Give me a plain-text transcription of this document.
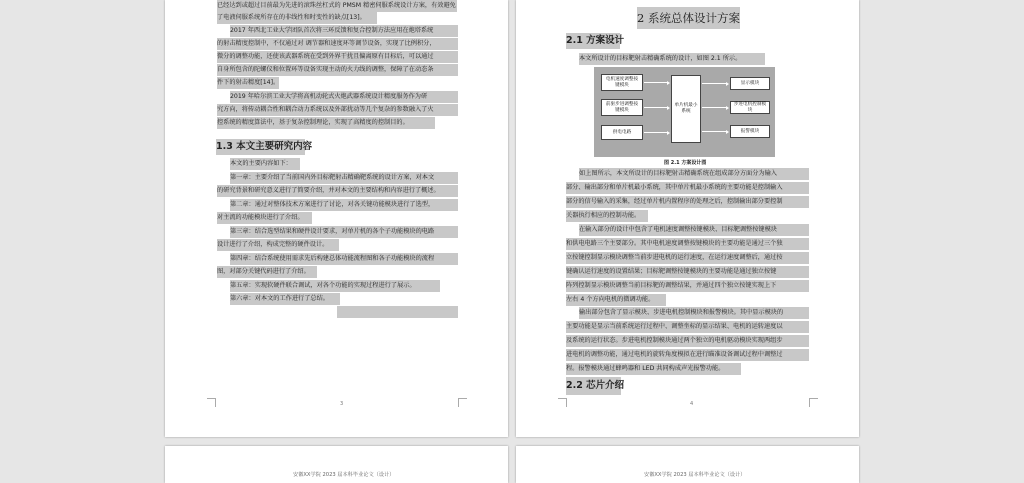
安徽XX学院 2023 届本科毕业论文（设计）	安徽XX学院 2023 届本科毕业论文（设计）
已经达到或超过目前最为先进的滚珠丝杠式的 PMSM 精密伺服系统设计方案，有效避免
了电液伺服系统所存在的非线性和时变性的缺点[13]。
2017 年西北工业大学团队首次将三环反馈和复合控制方法应用在炮塔系统
的射击精度控制中，不仅通过对 调节器和速度环等调节设备，实现了比例积分，
微分的调整功能，还使该武器系统在受到外界干扰且偏离原有目标后，可以通过
自身所包含的陀螺仪和位置环等设备实现主动的火力线的调整，保障了在动态条
件下的射击精度[14]。
2019 年哈尔滨工业大学将高机动轮式火炮武器系统设计精度服务作为研
究方向，将传动耦合性和耦合动力系统以及外部扰动等几个复杂的参数融入了火
控系统的精度算法中，基于复杂控制理论，实现了高精度的控制目的。
本文的主要内容如下：
第一章：主要介绍了当前国内外目标靶射击精确靶系统的设计方案，对本文
的研究背景和研究意义进行了简要介绍，并对本文的主要结构和内容进行了概述。
第二章：通过对整体技术方案进行了讨论，对各关键功能模块进行了选型，
对主流的功能模块进行了介绍。
第三章：结合选型结果和硬件设计要求，对单片机的各个子功能模块的电路
设计进行了介绍，构成完整的硬件设计。
第四章：结合系统使用需求先后构建总体功能流程图和各子功能模块的流程
图，对部分关键代码进行了介绍。
第五章：实现软硬件联合调试，对各个功能的实现过程进行了展示。
第六章：对本文的工作进行了总结。
1.3 本文主要研究内容
3
2 系统总体设计方案
2.1 方案设计
本文所设计的目标靶射击精确系统的设计，如图 2.1 所示。
电机速度调整按键模块
前驱步进调整按键模块
供电电路
单片机最小系统
显示模块
步进电机控制模块
报警模块
图 2.1 方案设计图
如上图所示，本文所设计的目标靶射击精确系统在组成部分方面分为输入
部分、输出部分和单片机最小系统，其中单片机最小系统的主要功能是控制输入
部分的信号输入的采集，经过单片机内置程序的处理之后，控制输出部分要控制
关器执行相应的控制功能。
在输入部分的设计中包含了电机速度调整按键模块、目标靶调整按键模块
和供电电路三个主要部分。其中电机速度调整按键模块的主要功能是通过三个独
立按键控制显示模块调整当前步进电机的运行速度，在运行速度调整后，通过按
键确认运行速度的设置结果；目标靶调整按键模块的主要功能是通过独立按键
阵列控制显示模块调整当前目标靶的调整结果，并通过四个独立按键实现上下
左右 4 个方向电机的微调功能。
输出部分包含了显示模块、步进电机控制模块和报警模块。其中显示模块的
主要功能是显示当前系统运行过程中、调整坐标的显示结果、电机的运转速度以
及系统的运行状态。步进电机控制模块通过两个独立的电机驱动模块实现两组步
进电机的调整功能，通过电机的旋转角度模拟在进行瞄准设备调试过程中调整过
程。报警模块通过蜂鸣器和 LED 共同构成声光报警功能。
2.2 芯片介绍
4
